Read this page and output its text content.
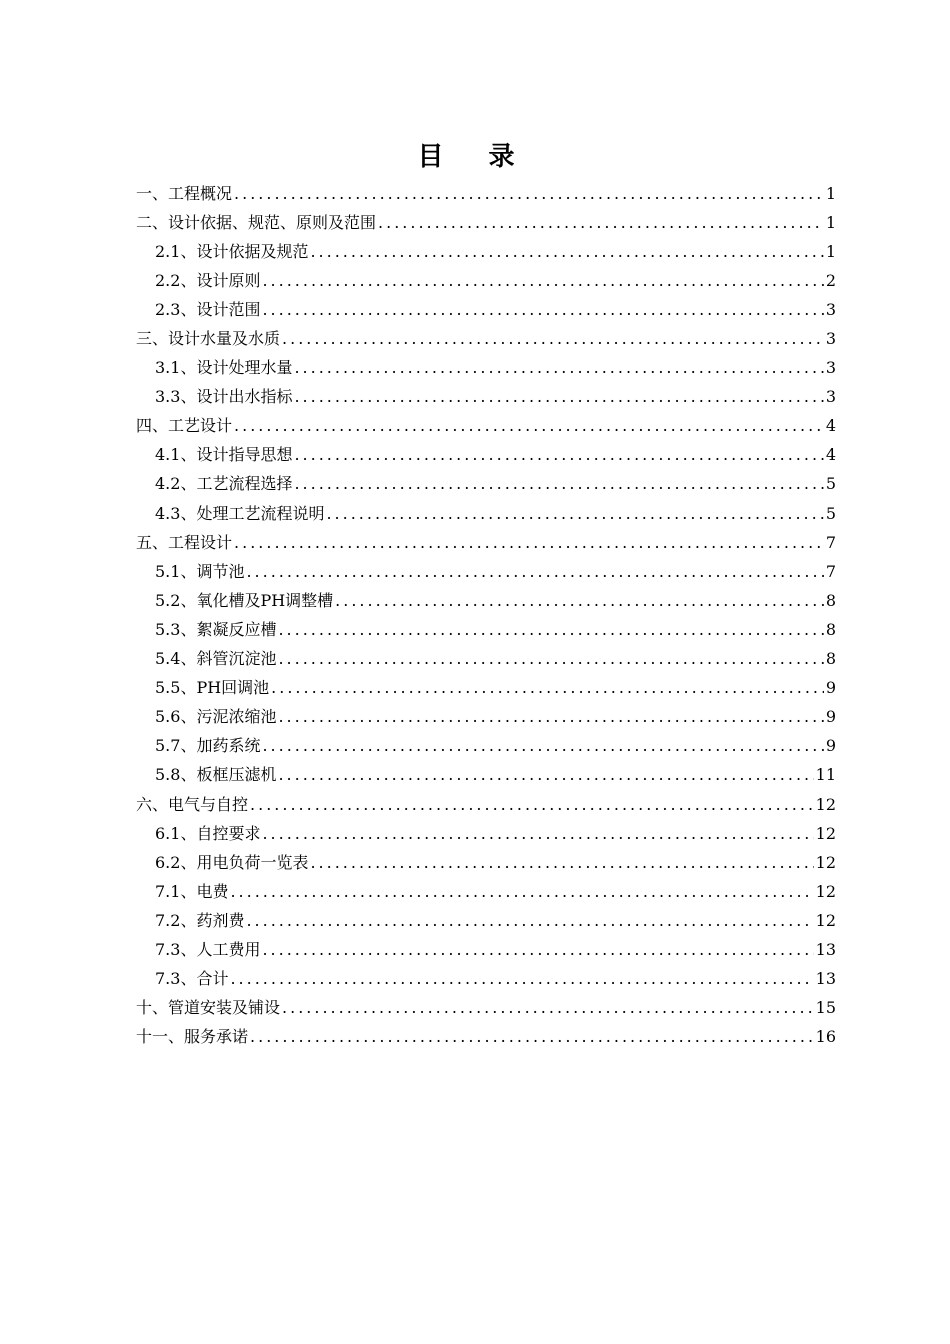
目 录
一、工程概况 .....	1
二、设计依据、规范、原则及范围 .....	1
2.1、设计依据及规范 .....	1
2.2、设计原则 .....	2
2.3、设计范围 .....	3
三、设计水量及水质 .....	3
3.1、设计处理水量 .....	3
3.3、设计出水指标 .....	3
四、工艺设计 .....	4
4.1、设计指导思想 .....	4
4.2、工艺流程选择 .....	5
4.3、处理工艺流程说明 .....	5
五、工程设计 .....	7
5.1、调节池 .....	7
5.2、氧化槽及PH调整槽 .....	8
5.3、絮凝反应槽 .....	8
5.4、斜管沉淀池 .....	8
5.5、PH回调池 .....	9
5.6、污泥浓缩池 .....	9
5.7、加药系统 .....	9
5.8、板框压滤机 .....	11
六、电气与自控 .....	12
6.1、自控要求 .....	12
6.2、用电负荷一览表 .....	12
7.1、电费 .....	12
7.2、药剂费 .....	12
7.3、人工费用 .....	13
7.3、合计 .....	13
十、管道安装及铺设 .....	15
十一、服务承诺 .....	16
